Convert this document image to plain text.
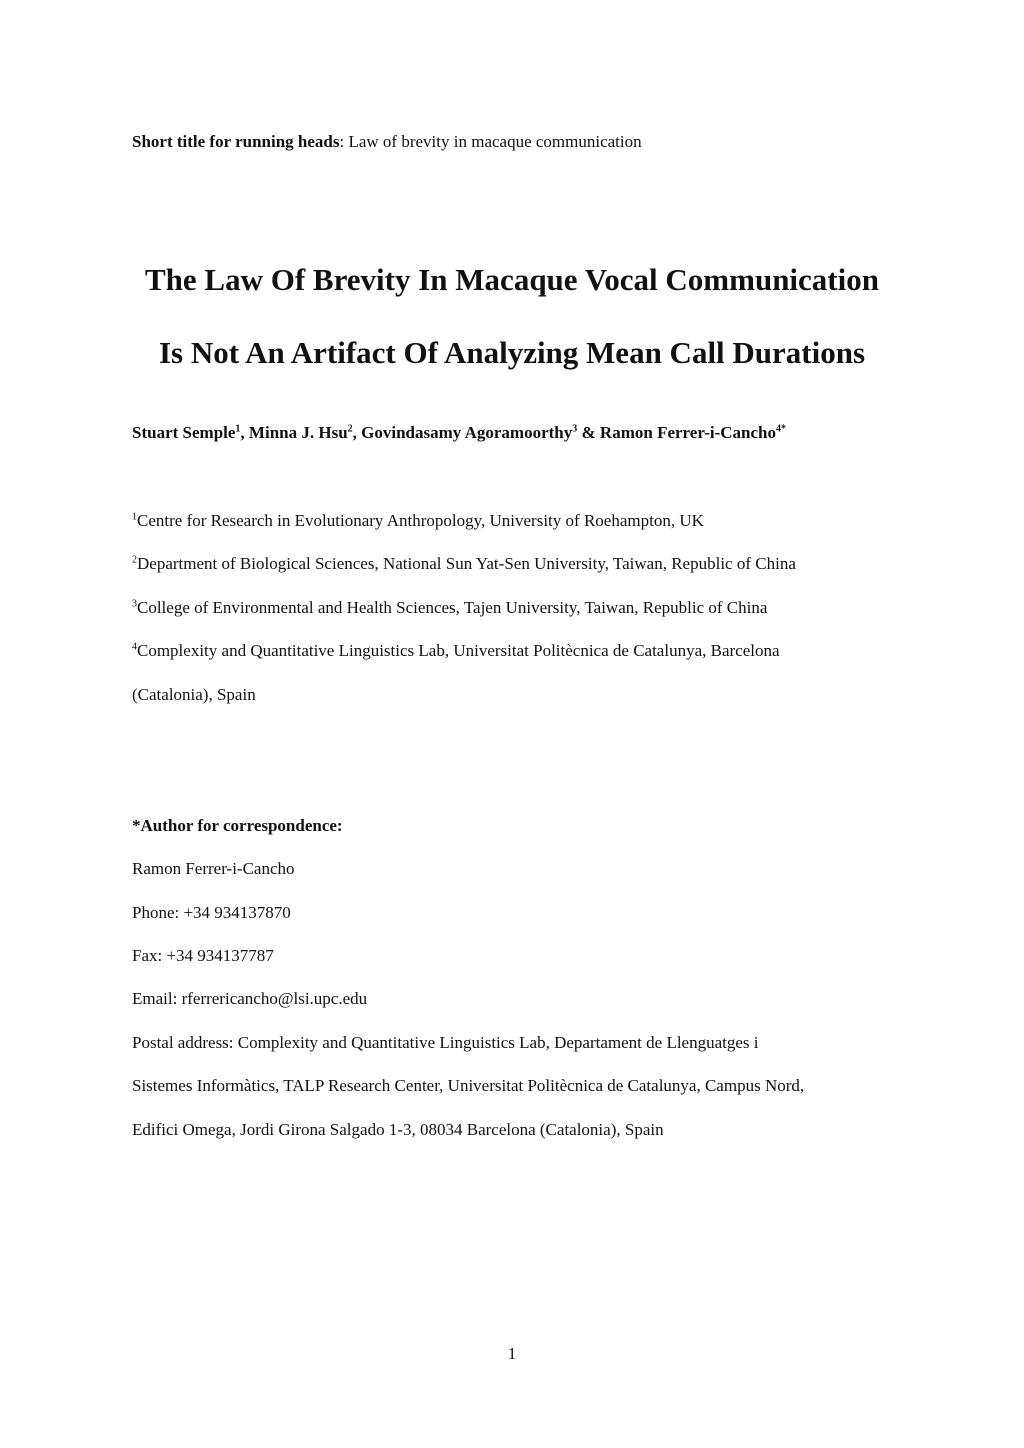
Short title for running heads: Law of brevity in macaque communication
The Law Of Brevity In Macaque Vocal Communication
Is Not An Artifact Of Analyzing Mean Call Durations
Stuart Semple$^1$, Minna J. Hsu$^2$, Govindasamy Agoramoorthy$^3$ & Ramon Ferrer-i-Cancho$^{4*}$
$^1$Centre for Research in Evolutionary Anthropology, University of Roehampton, UK
$^2$Department of Biological Sciences, National Sun Yat-Sen University, Taiwan, Republic of China
$^3$College of Environmental and Health Sciences, Tajen University, Taiwan, Republic of China
$^4$Complexity and Quantitative Linguistics Lab, Universitat Politècnica de Catalunya, Barcelona
(Catalonia), Spain
*Author for correspondence:
Ramon Ferrer-i-Cancho
Phone: +34 934137870
Fax: +34 934137787
Email: rferrericancho@lsi.upc.edu
Postal address: Complexity and Quantitative Linguistics Lab, Departament de Llenguatges i
Sistemes Informàtics, TALP Research Center, Universitat Politècnica de Catalunya, Campus Nord,
Edifici Omega, Jordi Girona Salgado 1-3, 08034 Barcelona (Catalonia), Spain
1
